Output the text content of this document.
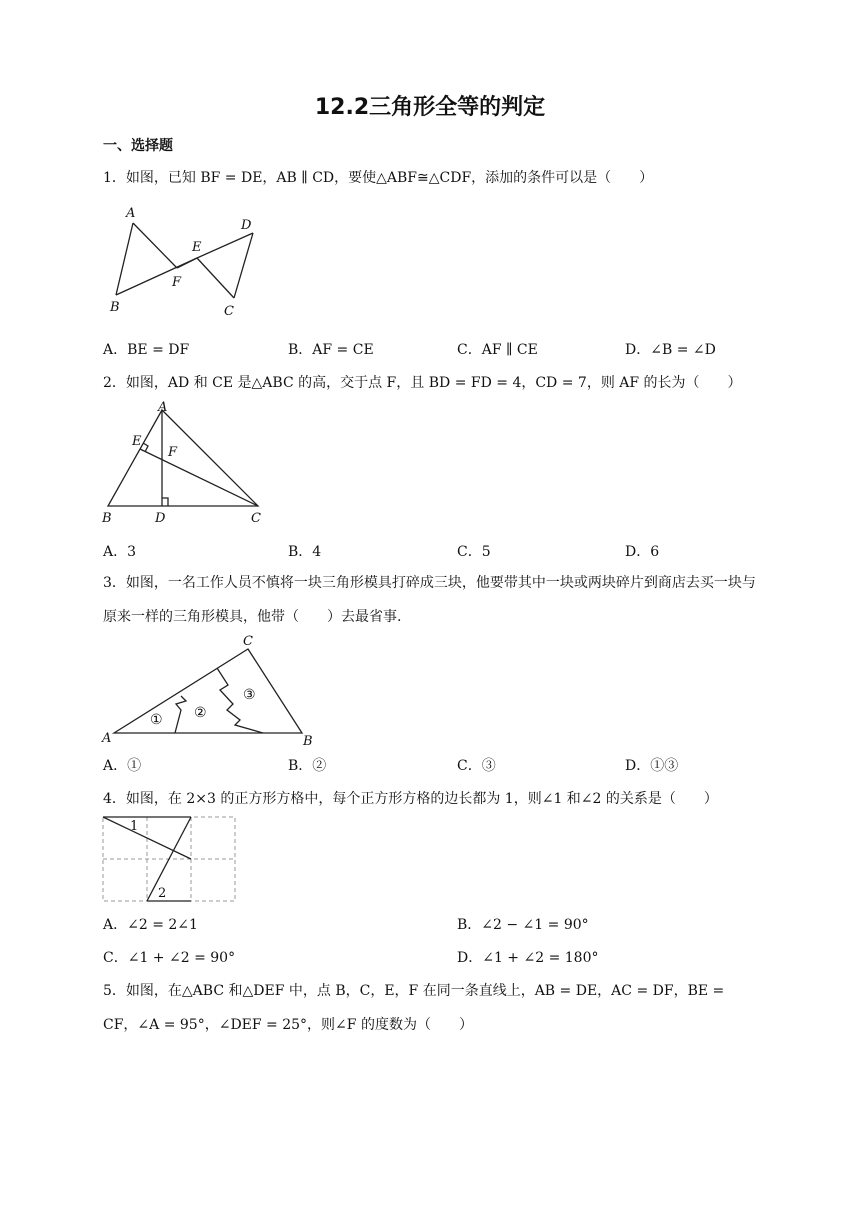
12.2三角形全等的判定
一、选择题
1．如图，已知 BF = DE，AB ∥ CD，要使△ABF≅△CDF，添加的条件可以是（　　）
A
B	C
D
E
F
A．BE = DF	B．AF = CE	C．AF ∥ CE	D．∠B = ∠D
2．如图，AD 和 CE 是△ABC 的高，交于点 F，且 BD = FD = 4，CD = 7，则 AF 的长为（　　）
A
B	C
D
E
F
A．3	B．4	C．5	D．6
3．如图，一名工作人员不慎将一块三角形模具打碎成三块，他要带其中一块或两块碎片到商店去买一块与原来一样的三角形模具，他带（　　）去最省事.
① ②
③
A	B
C
A．①	B．②	C．③	D．①③
4．如图，在 2×3 的正方形方格中，每个正方形方格的边长都为 1，则∠1 和∠2 的关系是（　　）
1
2
A．∠2 = 2∠1	B．∠2 − ∠1 = 90°
C．∠1 + ∠2 = 90°	D．∠1 + ∠2 = 180°
5．如图，在△ABC 和△DEF 中，点 B，C，E，F 在同一条直线上，AB = DE，AC = DF，BE = CF，∠A = 95°，∠DEF = 25°，则∠F 的度数为（　　）
